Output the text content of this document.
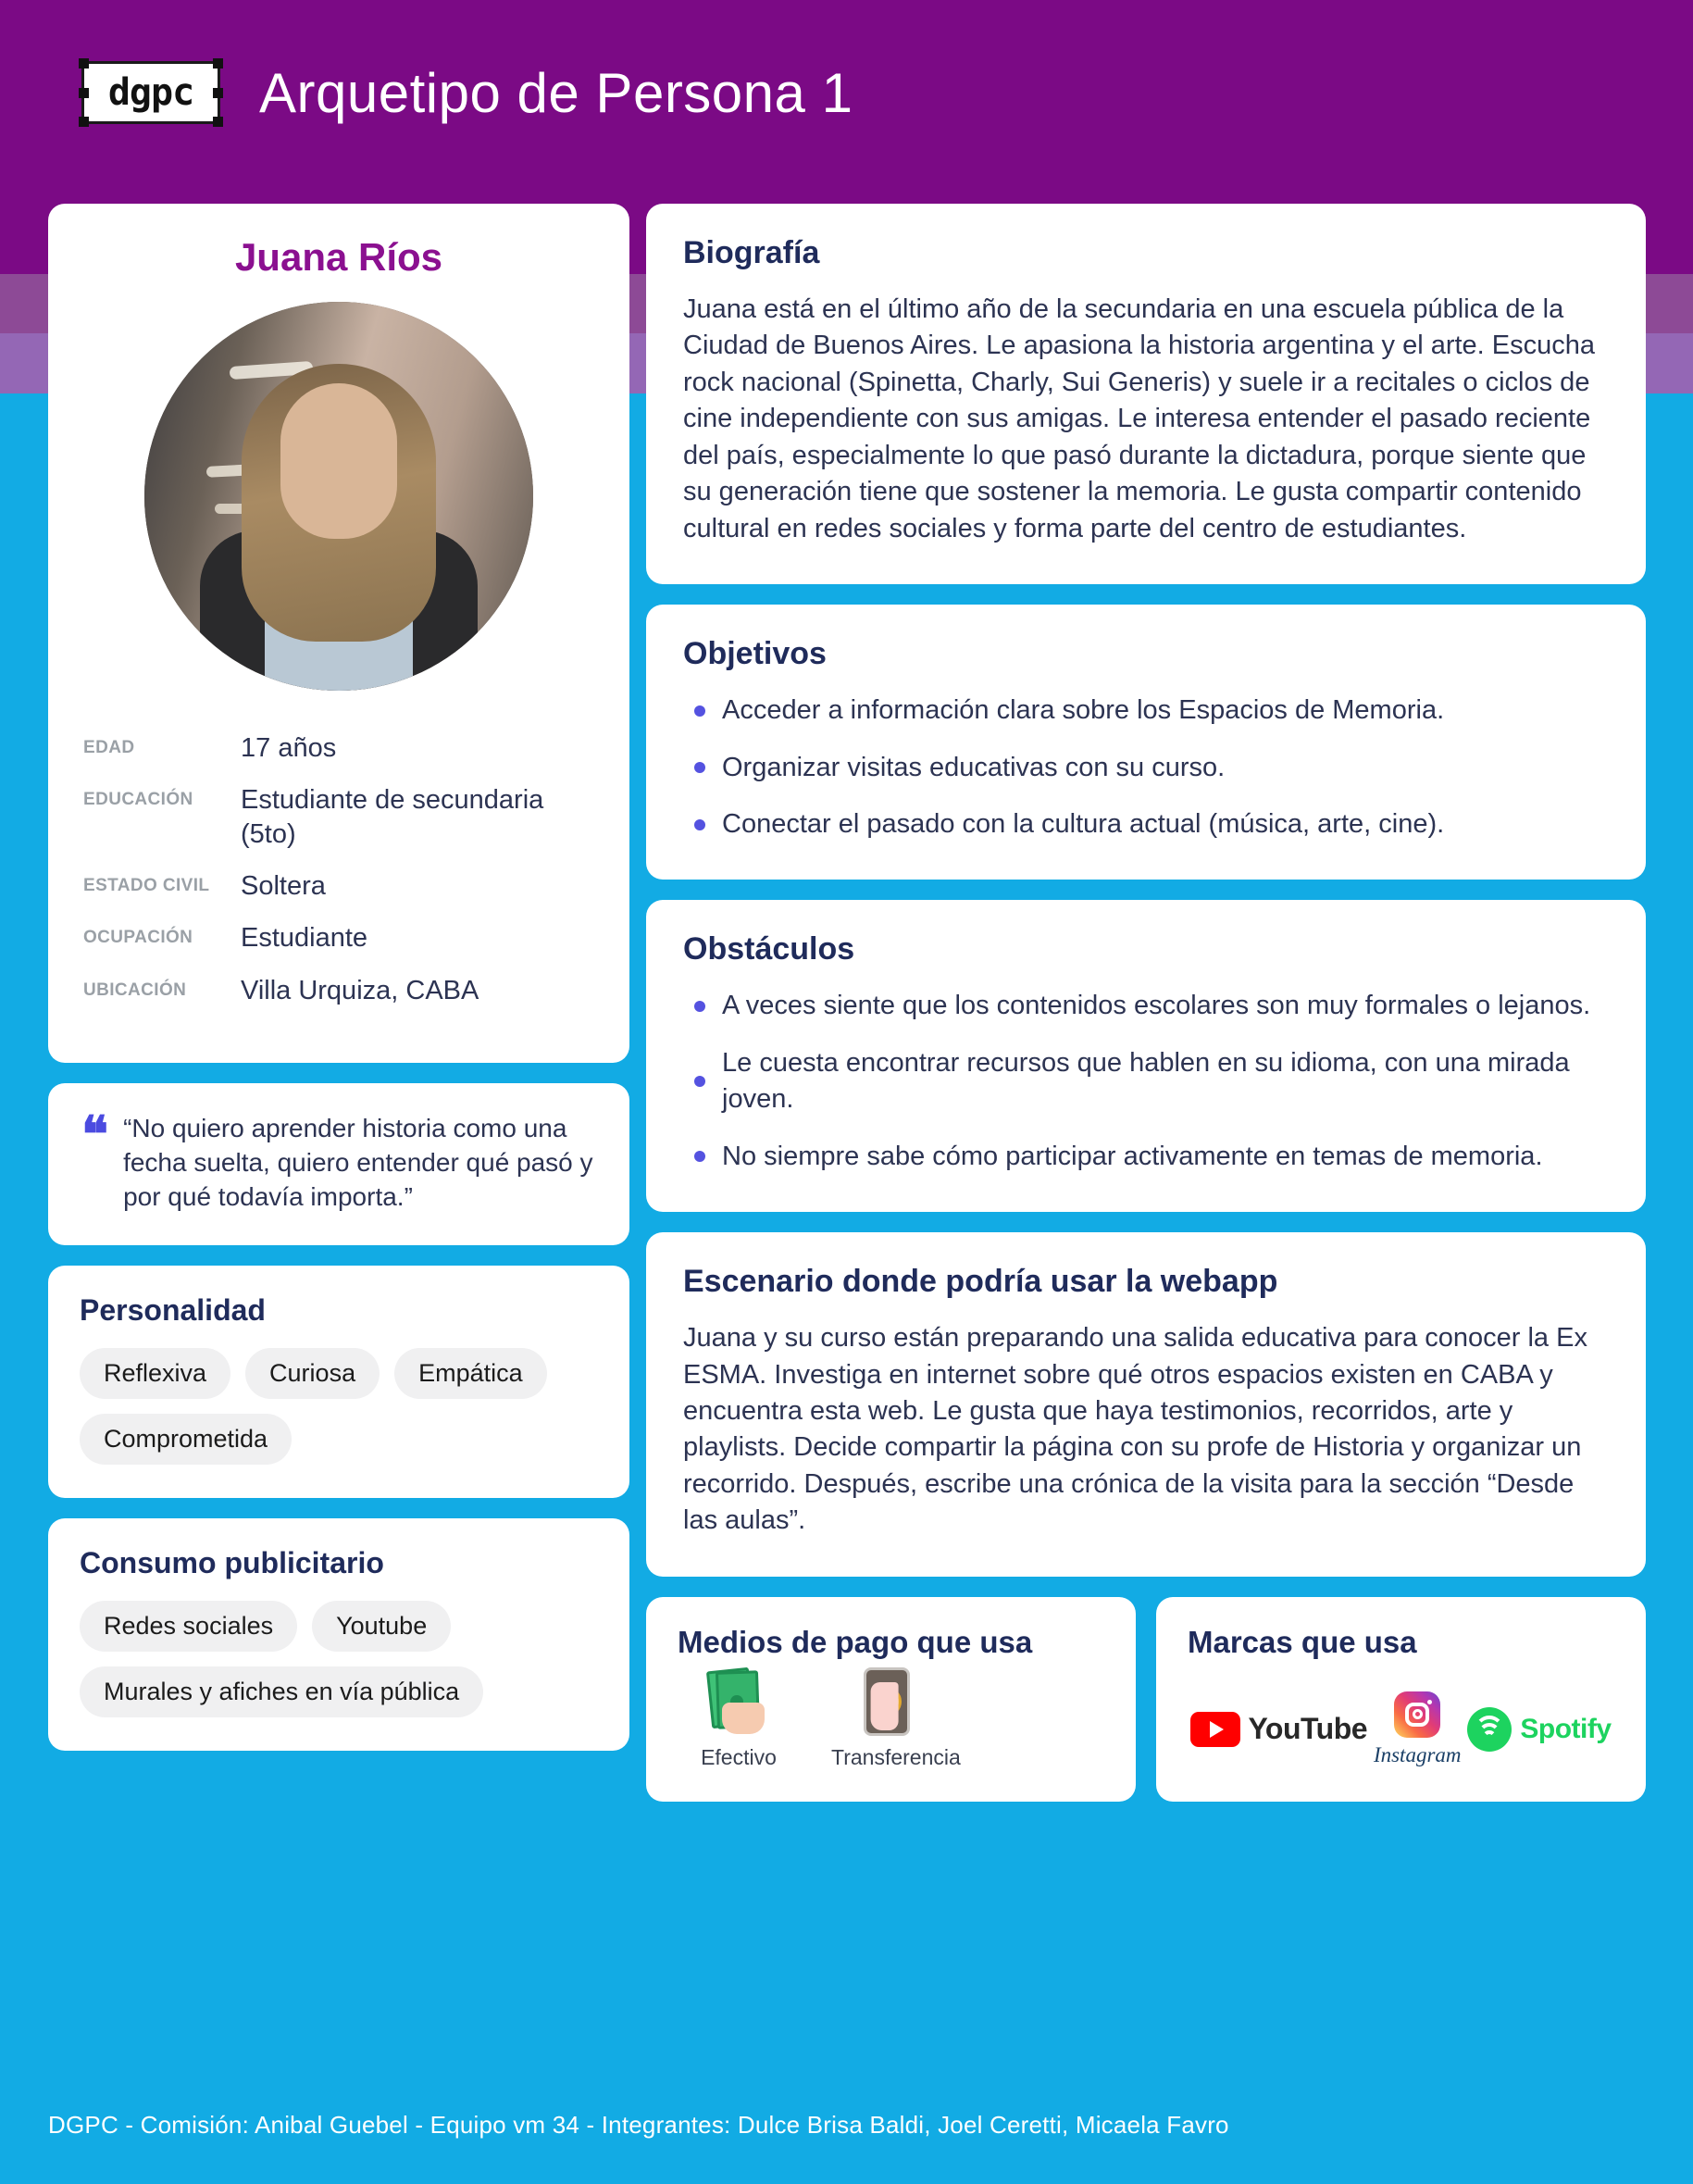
dgpc Arquetipo de Persona 1
Juana Ríos
EDAD	17 años
EDUCACIÓN	Estudiante de secundaria (5to)
ESTADO CIVIL	Soltera
OCUPACIÓN	Estudiante
UBICACIÓN	Villa Urquiza, CABA
❝ “No quiero aprender historia como una fecha suelta, quiero entender qué pasó y por qué todavía importa.”
Personalidad
Reflexiva	Curiosa	Empática
Comprometida
Consumo publicitario
Redes sociales	Youtube
Murales y afiches en vía pública
Biografía

Juana está en el último año de la secundaria en una escuela pública de la Ciudad de Buenos Aires. Le apasiona la historia argentina y el arte. Escucha rock nacional (Spinetta, Charly, Sui Generis) y suele ir a recitales o ciclos de cine independiente con sus amigas. Le interesa entender el pasado reciente del país, especialmente lo que pasó durante la dictadura, porque siente que su generación tiene que sostener la memoria. Le gusta compartir contenido cultural en redes sociales y forma parte del centro de estudiantes.

Objetivos
Acceder a información clara sobre los Espacios de Memoria.
Organizar visitas educativas con su curso.
Conectar el pasado con la cultura actual (música, arte, cine).
Obstáculos
A veces siente que los contenidos escolares son muy formales o lejanos.
Le cuesta encontrar recursos que hablen en su idioma, con una mirada joven.
No siempre sabe cómo participar activamente en temas de memoria.
Escenario donde podría usar la webapp

Juana y su curso están preparando una salida educativa para conocer la Ex ESMA. Investiga en internet sobre qué otros espacios existen en CABA y encuentra esta web. Le gusta que haya testimonios, recorridos, arte y playlists. Decide compartir la página con su profe de Historia y organizar un recorrido. Después, escribe una crónica de la visita para la sección “Desde las aulas”.

Medios de pago que usa
Efectivo	Transferencia
Marcas que usa
YouTube
Instagram
Spotify
DGPC - Comisión: Anibal Guebel - Equipo vm 34 - Integrantes: Dulce Brisa Baldi, Joel Ceretti, Micaela Favro
